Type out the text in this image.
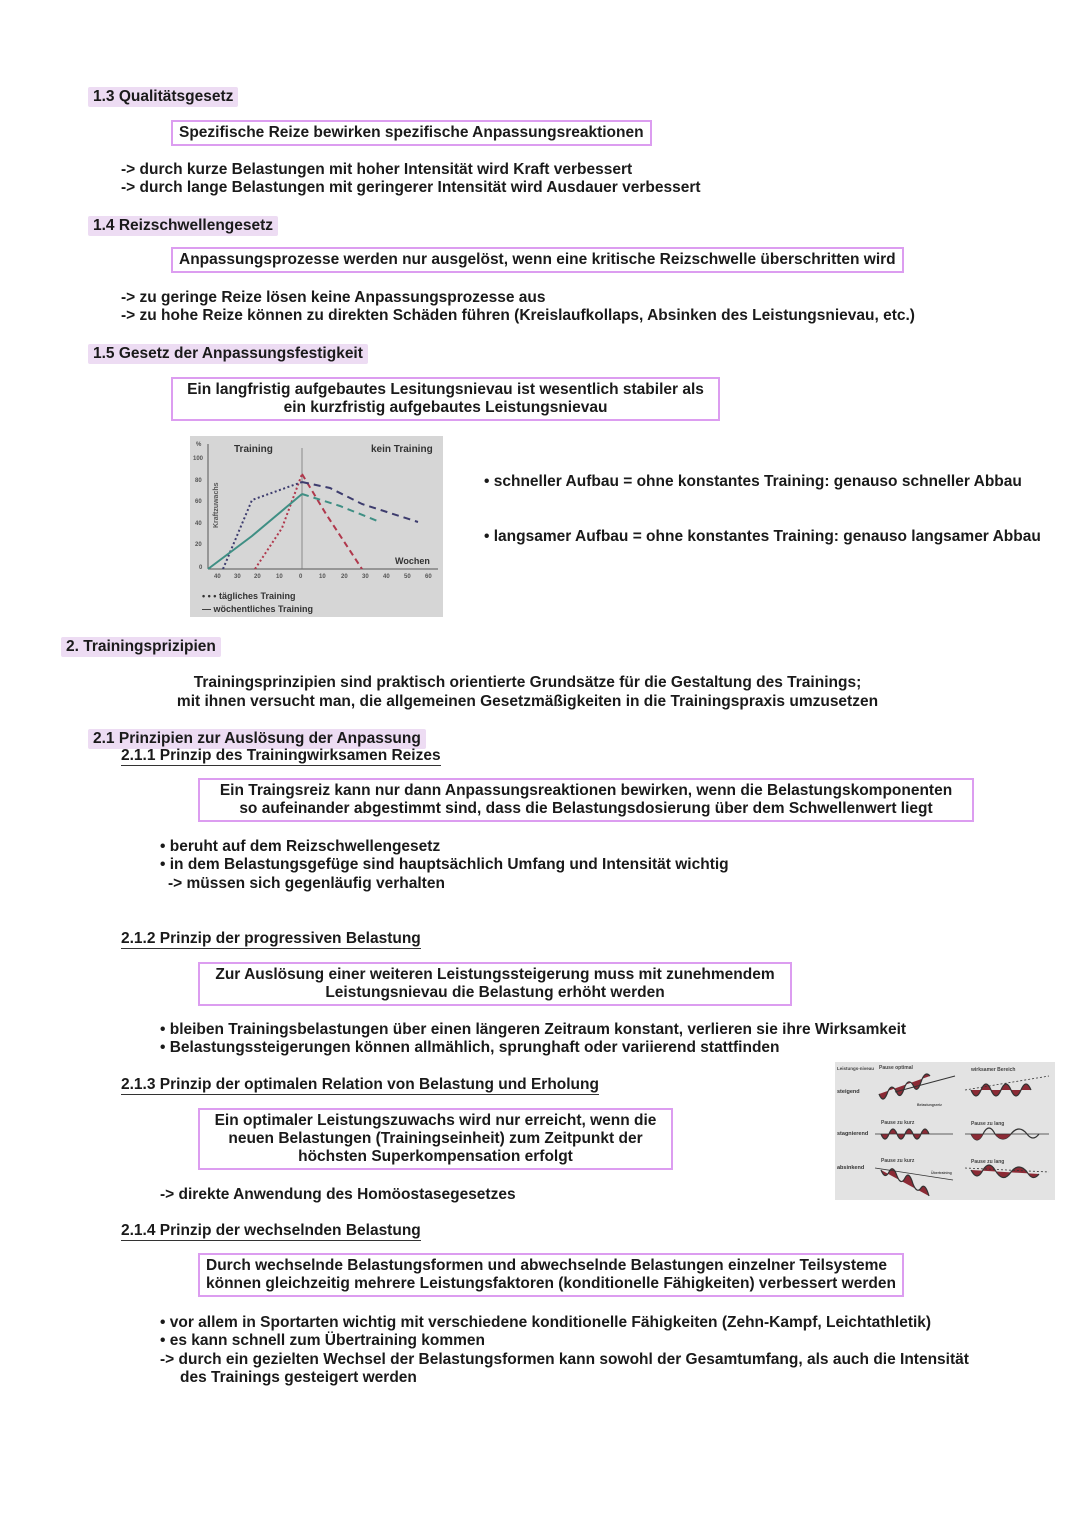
1.3 Qualitätsgesetz
Spezifische Reize bewirken spezifische Anpassungsreaktionen
-> durch kurze Belastungen mit hoher Intensität wird Kraft verbessert
-> durch lange Belastungen mit geringerer Intensität wird Ausdauer verbessert
1.4 Reizschwellengesetz
Anpassungsprozesse werden nur ausgelöst, wenn eine kritische Reizschwelle überschritten wird
-> zu geringe Reize lösen keine Anpassungsprozesse aus
-> zu hohe Reize können zu direkten Schäden führen (Kreislaufkollaps, Absinken des Leistungsnievau, etc.)
1.5 Gesetz der Anpassungsfestigkeit
Ein langfristig aufgebautes Lesitungsnievau ist wesentlich stabiler als
ein kurzfristig aufgebautes Leistungsnievau
%
100
80
60
40
20
0
Kraftzuwachs
40 30 20	10	0	10	20 30 40 50 60
Wochen
Training	kein Training
• • • tägliches Training
— wöchentliches Training
• schneller Aufbau = ohne konstantes Training: genauso schneller Abbau
• langsamer Aufbau = ohne konstantes Training: genauso langsamer Abbau
2. Trainingsprizipien
Trainingsprinzipien sind praktisch orientierte Grundsätze für die Gestaltung des Trainings;
mit ihnen versucht man, die allgemeinen Gesetzmäßigkeiten in die Trainingspraxis umzusetzen
2.1 Prinzipien zur Auslösung der Anpassung
2.1.1 Prinzip des Trainingwirksamen Reizes
Ein Traingsreiz kann nur dann Anpassungsreaktionen bewirken, wenn die Belastungskomponenten
so aufeinander abgestimmt sind, dass die Belastungsdosierung über dem Schwellenwert liegt
• beruht auf dem Reizschwellengesetz
• in dem Belastungsgefüge sind hauptsächlich Umfang und Intensität wichtig
-> müssen sich gegenläufig verhalten
2.1.2 Prinzip der progressiven Belastung
Zur Auslösung einer weiteren Leistungssteigerung muss mit zunehmendem
Leistungsnievau die Belastung erhöht werden
• bleiben Trainingsbelastungen über einen längeren Zeitraum konstant, verlieren sie ihre Wirksamkeit
• Belastungssteigerungen können allmählich, sprunghaft oder variierend stattfinden
2.1.3 Prinzip der optimalen Relation von Belastung und Erholung
Ein optimaler Leistungszuwachs wird nur erreicht, wenn die
neuen Belastungen (Trainingseinheit) zum Zeitpunkt der
höchsten Superkompensation erfolgt
-> direkte Anwendung des Homöostasegesetzes
Leistungs-niveau
steigend
stagnierend
absinkend
Pause optimal	wirksamer Bereich
Belastungsreiz
Pause zu kurz	Pause zu lang
Pause zu kurz
Übertraining
Pause zu lang
2.1.4 Prinzip der wechselnden Belastung
Durch wechselnde Belastungsformen und abwechselnde Belastungen einzelner Teilsysteme
können gleichzeitig mehrere Leistungsfaktoren (konditionelle Fähigkeiten) verbessert werden
• vor allem in Sportarten wichtig mit verschiedene konditionelle Fähigkeiten (Zehn-Kampf, Leichtathletik)
• es kann schnell zum Übertraining kommen
-> durch ein gezielten Wechsel der Belastungsformen kann sowohl der Gesamtumfang, als auch die Intensität
des Trainings gesteigert werden
